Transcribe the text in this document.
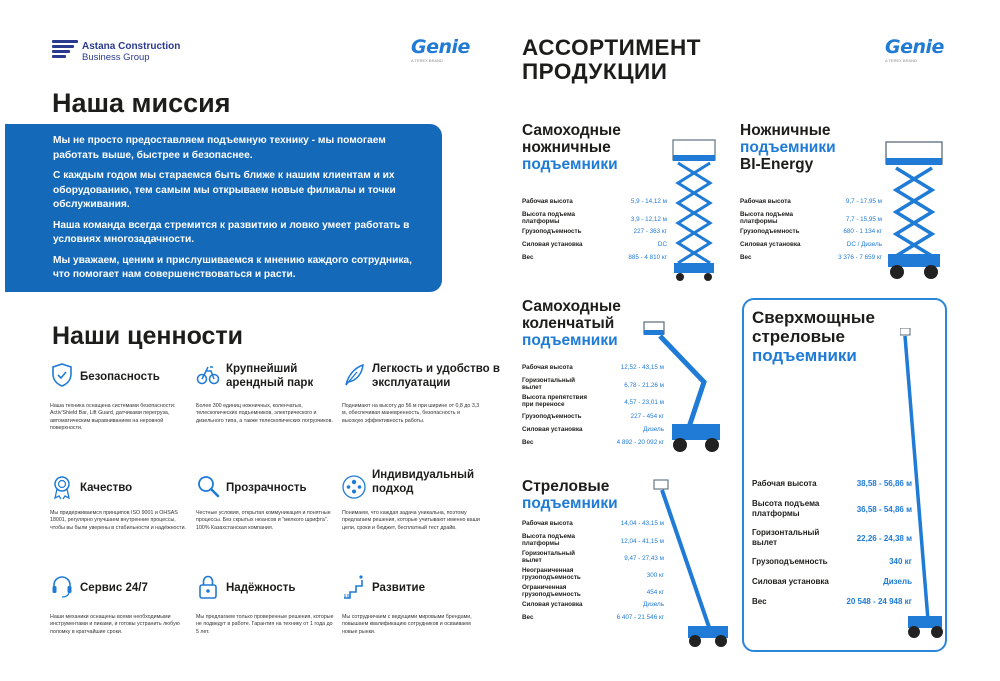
Astana Construction
Business Group	Genie
A TEREX BRAND
Наша миссия

Мы не просто предоставляем подъемную технику - мы помогаем работать выше, быстрее и безопаснее.

С каждым годом мы стараемся быть ближе к нашим клиентам и их оборудованию, тем самым мы открываем новые филиалы и точки обслуживания.

Наша команда всегда стремится к развитию и ловко умеет работать в условиях многозадачности.

Мы уважаем, ценим и прислушиваемся к мнению каждого сотрудника, что помогает нам совершенствоваться и расти.

Наши ценности
Безопасность
Наша техника оснащена системами безопасности: Activ'Shield Bar, Lift Guard, датчиками перегруза, автоматическим выравниванием на неровной поверхности.
Крупнейший арендный парк
Более 300 единиц ножничных, коленчатых, телескопических подъемников, электрического и дизельного типа, а также телескопических погрузчиков.
Легкость и удобство в эксплуатации
Поднимают на высоту до 56 м при ширине от 0,8 до 3,3 м, обеспечивая маневренность, безопасность и высокую эффективность работы.
Качество
Мы придерживаемся принципов ISO 9001 и OHSAS 18001, регулярно улучшаем внутренние процессы, чтобы вы были уверены в стабильности и надёжности.
Прозрачность
Честные условия, открытая коммуникация и понятные процессы. Без скрытых нюансов и "мелкого шрифта". 100% Казахстанская компания.
Индивидуальный подход
Понимаем, что каждая задача уникальна, поэтому предлагаем решения, которые учитывают именно ваши цели, сроки и бюджет, бесплатный тест драйв.
Сервис 24/7
Наши механики оснащены всеми необходимыми инструментами и пиками, и готовы устранить любую поломку в кратчайшие сроки.
Надёжность
Мы предлагаем только проверенные решения, которые не подведут в работе. Гарантия на технику от 1 года до 5 лет.
Развитие
Мы сотрудничаем с ведущими мировыми брендами, повышаем квалификацию сотрудников и осваиваем новые рынки.
АССОРТИМЕНТ
ПРОДУКЦИИ
Genie
A TEREX BRAND
Самоходные
ножничные
подъемники
Рабочая высота	5,9 - 14,12 м
Высота подъема платформы	3,9 - 12,12 м
Грузоподъемность	227 - 363 кг
Силовая установка	DC
Вес	885 - 4 810 кг
Ножничные
подъемники
BI-Energy
Рабочая высота	9,7 - 17,95 м
Высота подъема платформы	7,7 - 15,95 м
Грузоподъемность	680 - 1 134 кг
Силовая установка	DC / Дизель
Вес	3 376 - 7 659 кг
Самоходные
коленчатый
подъемники
Рабочая высота	12,52 - 43,15 м
Горизонтальный вылет	6,78 - 21,26 м
Высота препятствия при переносе	4,57 - 23,01 м
Грузоподъемность	227 - 454 кг
Силовая установка	Дизель
Вес	4 892 - 20 092 кг
Стреловые
подъемники
Рабочая высота	14,04 - 43,15 м
Высота подъема платформы	12,04 - 41,15 м
Горизонтальный вылет	9,47 - 27,43 м
Неограниченная грузоподъемность	300 кг
Ограниченная грузоподъемность	454 кг
Силовая установка	Дизель
Вес	6 407 - 21 546 кг
Сверхмощные
стреловые
подъемники
Рабочая высота	38,58 - 56,86 м
Высота подъема платформы	36,58 - 54,86 м
Горизонтальный вылет	22,26 - 24,38 м
Грузоподъемность	340 кг
Силовая установка	Дизель
Вес	20 548 - 24 948 кг
